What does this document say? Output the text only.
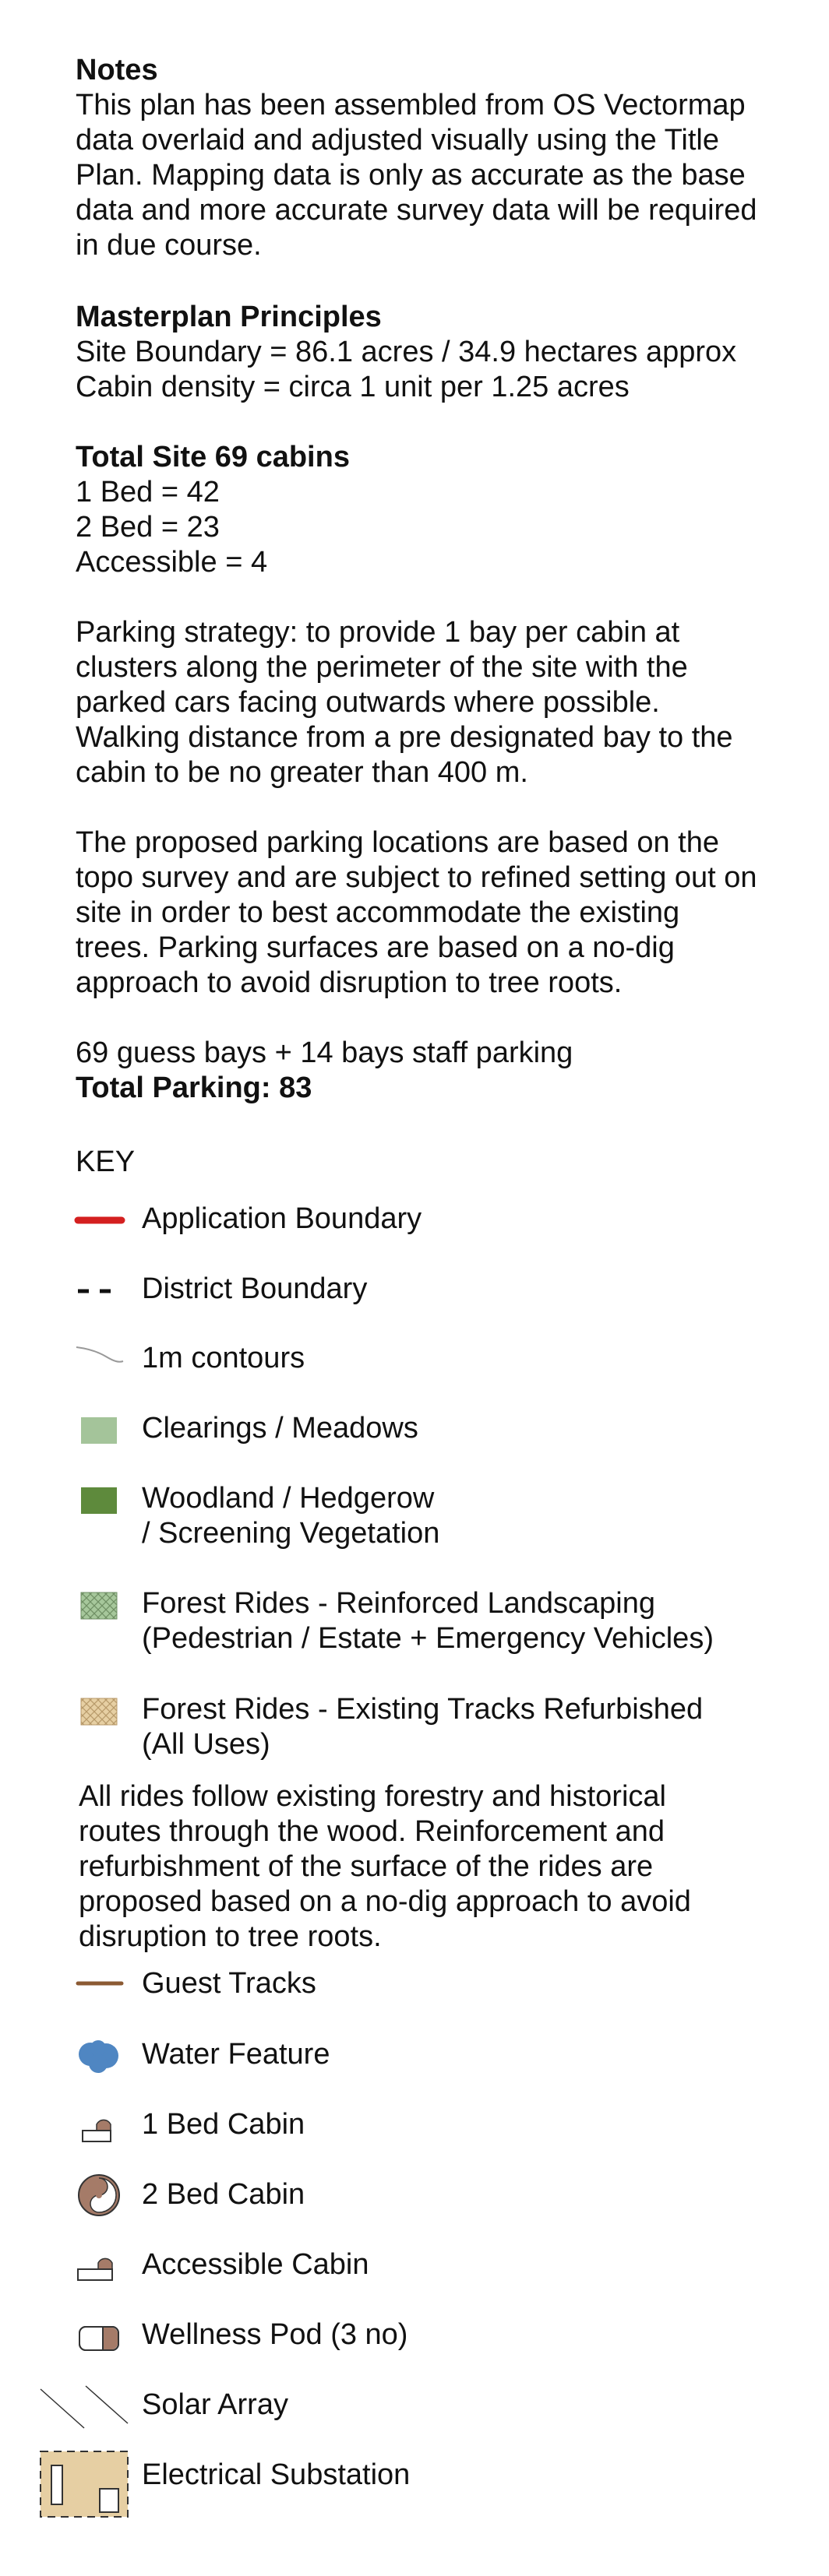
Notes

This plan has been assembled from OS Vectormap

data overlaid and adjusted visually using the Title

Plan. Mapping data is only as accurate as the base

data and more accurate survey data will be required

in due course.

Masterplan Principles

Site Boundary = 86.1 acres / 34.9 hectares approx

Cabin density = circa 1 unit per 1.25 acres

Total Site 69 cabins

1 Bed = 42

2 Bed = 23

Accessible = 4

Parking strategy: to provide 1 bay per cabin at

clusters along the perimeter of the site with the

parked cars facing outwards where possible.

Walking distance from a pre designated bay to the

cabin to be no greater than 400 m.

The proposed parking locations are based on the

topo survey and are subject to refined setting out on

site in order to best accommodate the existing

trees. Parking surfaces are based on a no-dig

approach to avoid disruption to tree roots.

69 guess bays + 14 bays staff parking

Total Parking: 83

KEY

Application Boundary
District Boundary
1m contours
Clearings / Meadows
Woodland / Hedgerow
/ Screening Vegetation
Forest Rides - Reinforced Landscaping
(Pedestrian / Estate + Emergency Vehicles)
Forest Rides - Existing Tracks Refurbished
(All Uses)

All rides follow existing forestry and historical

routes through the wood. Reinforcement and

refurbishment of the surface of the rides are

proposed based on a no-dig approach to avoid

disruption to tree roots.

Guest Tracks
Water Feature
1 Bed Cabin
2 Bed Cabin
Accessible Cabin
Wellness Pod (3 no)
Solar Array
Electrical Substation
